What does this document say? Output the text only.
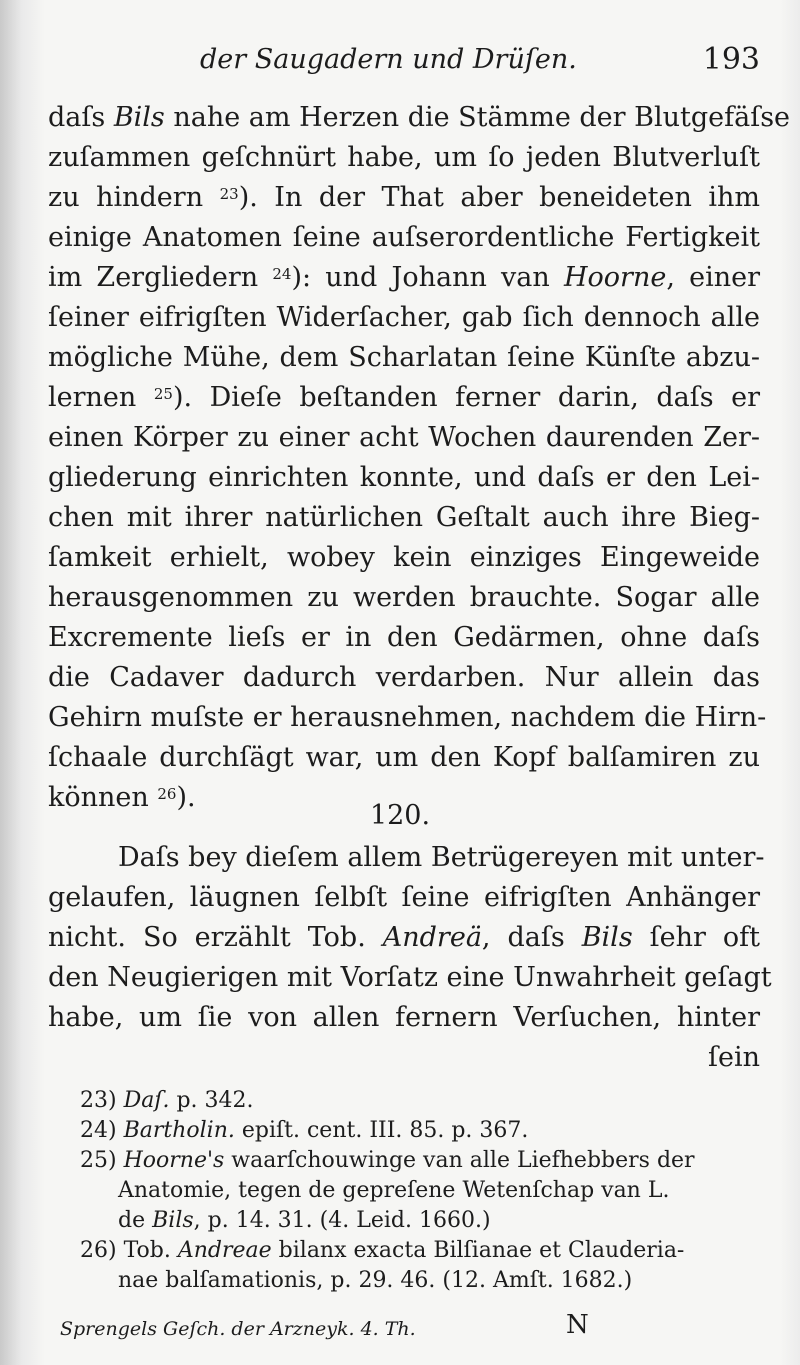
der Saugadern und Drüſen.	193
daſs Bils nahe am Herzen die Stämme der Blutgefäſse
zuſammen geſchnürt habe, um ſo jeden Blutverluſt
zu hindern $^{23}$). In der That aber beneideten ihm
einige Anatomen ſeine auſserordentliche Fertigkeit
im Zergliedern $^{24}$): und Johann van Hoorne, einer
ſeiner eifrigſten Widerſacher, gab ſich dennoch alle
mögliche Mühe, dem Scharlatan ſeine Künſte abzu-
lernen $^{25}$). Dieſe beſtanden ferner darin, daſs er
einen Körper zu einer acht Wochen daurenden Zer-
gliederung einrichten konnte, und daſs er den Lei-
chen mit ihrer natürlichen Geſtalt auch ihre Bieg-
ſamkeit erhielt, wobey kein einziges Eingeweide
herausgenommen zu werden brauchte. Sogar alle
Excremente lieſs er in den Gedärmen, ohne daſs
die Cadaver dadurch verdarben. Nur allein das
Gehirn muſste er herausnehmen, nachdem die Hirn-
ſchaale durchſägt war, um den Kopf balſamiren zu
können $^{26}$).
120.
Daſs bey dieſem allem Betrügereyen mit unter-
gelaufen, läugnen ſelbſt ſeine eifrigſten Anhänger
nicht. So erzählt Tob. Andreä, daſs Bils ſehr oft
den Neugierigen mit Vorſatz eine Unwahrheit geſagt
habe, um ſie von allen fernern Verſuchen, hinter
ſein
23) Daſ. p. 342.
24) Bartholin. epiſt. cent. III. 85. p. 367.
25) Hoorne's waarſchouwinge van alle Liefhebbers der
Anatomie, tegen de gepreſene Wetenſchap van L.
de Bils, p. 14. 31. (4. Leid. 1660.)
26) Tob. Andreae bilanx exacta Bilſianae et Clauderia-
nae balſamationis, p. 29. 46. (12. Amſt. 1682.)
Sprengels Geſch. der Arzneyk. 4. Th.	N
